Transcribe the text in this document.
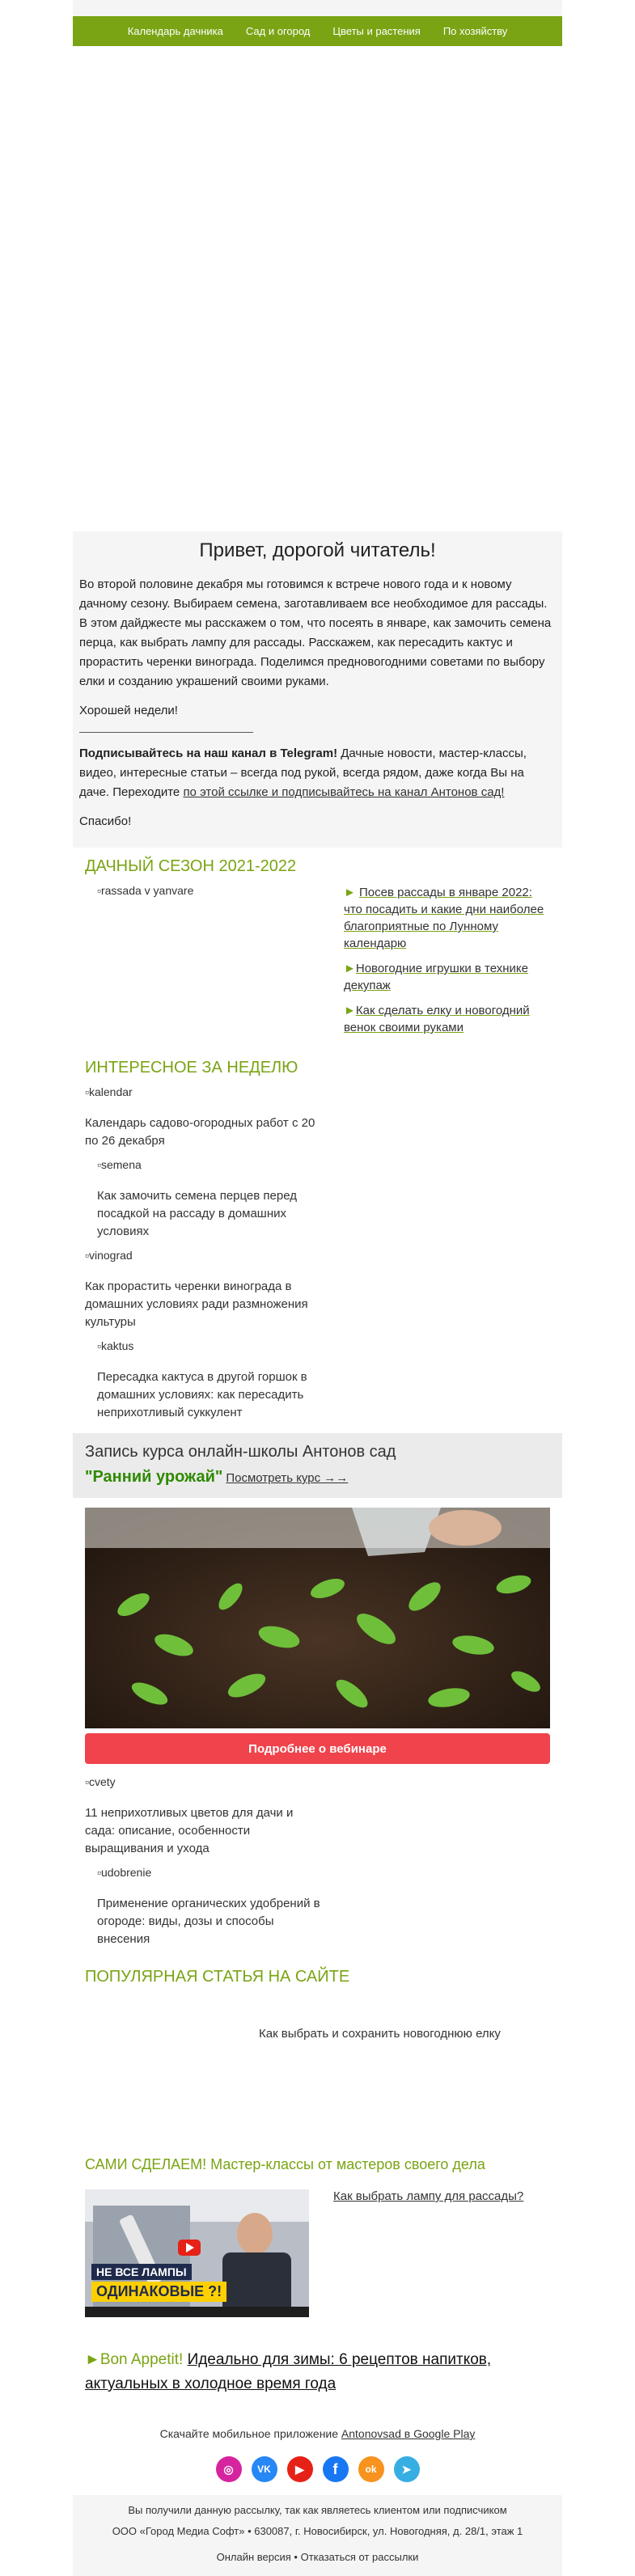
Календарь дачника Сад и огород Цветы и растения По хозяйству
Привет, дорогой читатель!

Во второй половине декабря мы готовимся к встрече нового года и к новому дачному сезону. Выбираем семена, заготавливаем все необходимое для рассады. В этом дайджесте мы расскажем о том, что посеять в январе, как замочить семена перца, как выбрать лампу для рассады. Расскажем, как пересадить кактус и прорастить черенки винограда. Поделимся предновогодними советами по выбору елки и созданию украшений своими руками.

Хорошей недели!

Подписывайтесь на наш канал в Telegram! Дачные новости, мастер-классы, видео, интересные статьи – всегда под рукой, всегда рядом, даже когда Вы на даче. Переходите по этой ссылке и подписывайтесь на канал Антонов сад!

Спасибо!

ДАЧНЫЙ СЕЗОН 2021-2022
▫rassada v yanvare	► Посев рассады в январе 2022: что посадить и какие дни наиболее благоприятные по Лунному календарю
►Новогодние игрушки в технике декупаж
►Как сделать елку и новогодний венок своими руками
ИНТЕРЕСНОЕ ЗА НЕДЕЛЮ
▫kalendar

Календарь садово-огородных работ с 20 по 26 декабря

▫semena

Как замочить семена перцев перед посадкой на рассаду в домашних условиях

▫vinograd

Как прорастить черенки винограда в домашних условиях ради размножения культуры

▫kaktus

Пересадка кактуса в другой горшок в домашних условиях: как пересадить неприхотливый суккулент

Запись курса онлайн-школы Антонов сад
"Ранний урожай" Посмотреть курс →→
Подробнее о вебинаре
▫cvety

11 неприхотливых цветов для дачи и сада: описание, особенности выращивания и ухода

▫udobrenie

Применение органических удобрений в огороде: виды, дозы и способы внесения

ПОПУЛЯРНАЯ СТАТЬЯ НА САЙТЕ
Как выбрать и сохранить новогоднюю елку
САМИ СДЕЛАЕМ! Мастер-классы от мастеров своего дела
НЕ ВСЕ ЛАМПЫ
ОДИНАКОВЫЕ ?!
Как выбрать лампу для рассады?
►Bon Appetit! Идеально для зимы: 6 рецептов напитков, актуальных в холодное время года
Скачайте мобильное приложение Antonovsad в Google Play
◎	VK	▶	f	ok	➤
Вы получили данную рассылку, так как являетесь клиентом или подписчиком
ООО «Город Медиа Софт» • 630087, г. Новосибирск, ул. Новогодняя, д. 28/1, этаж 1
Онлайн версия • Отказаться от рассылки
